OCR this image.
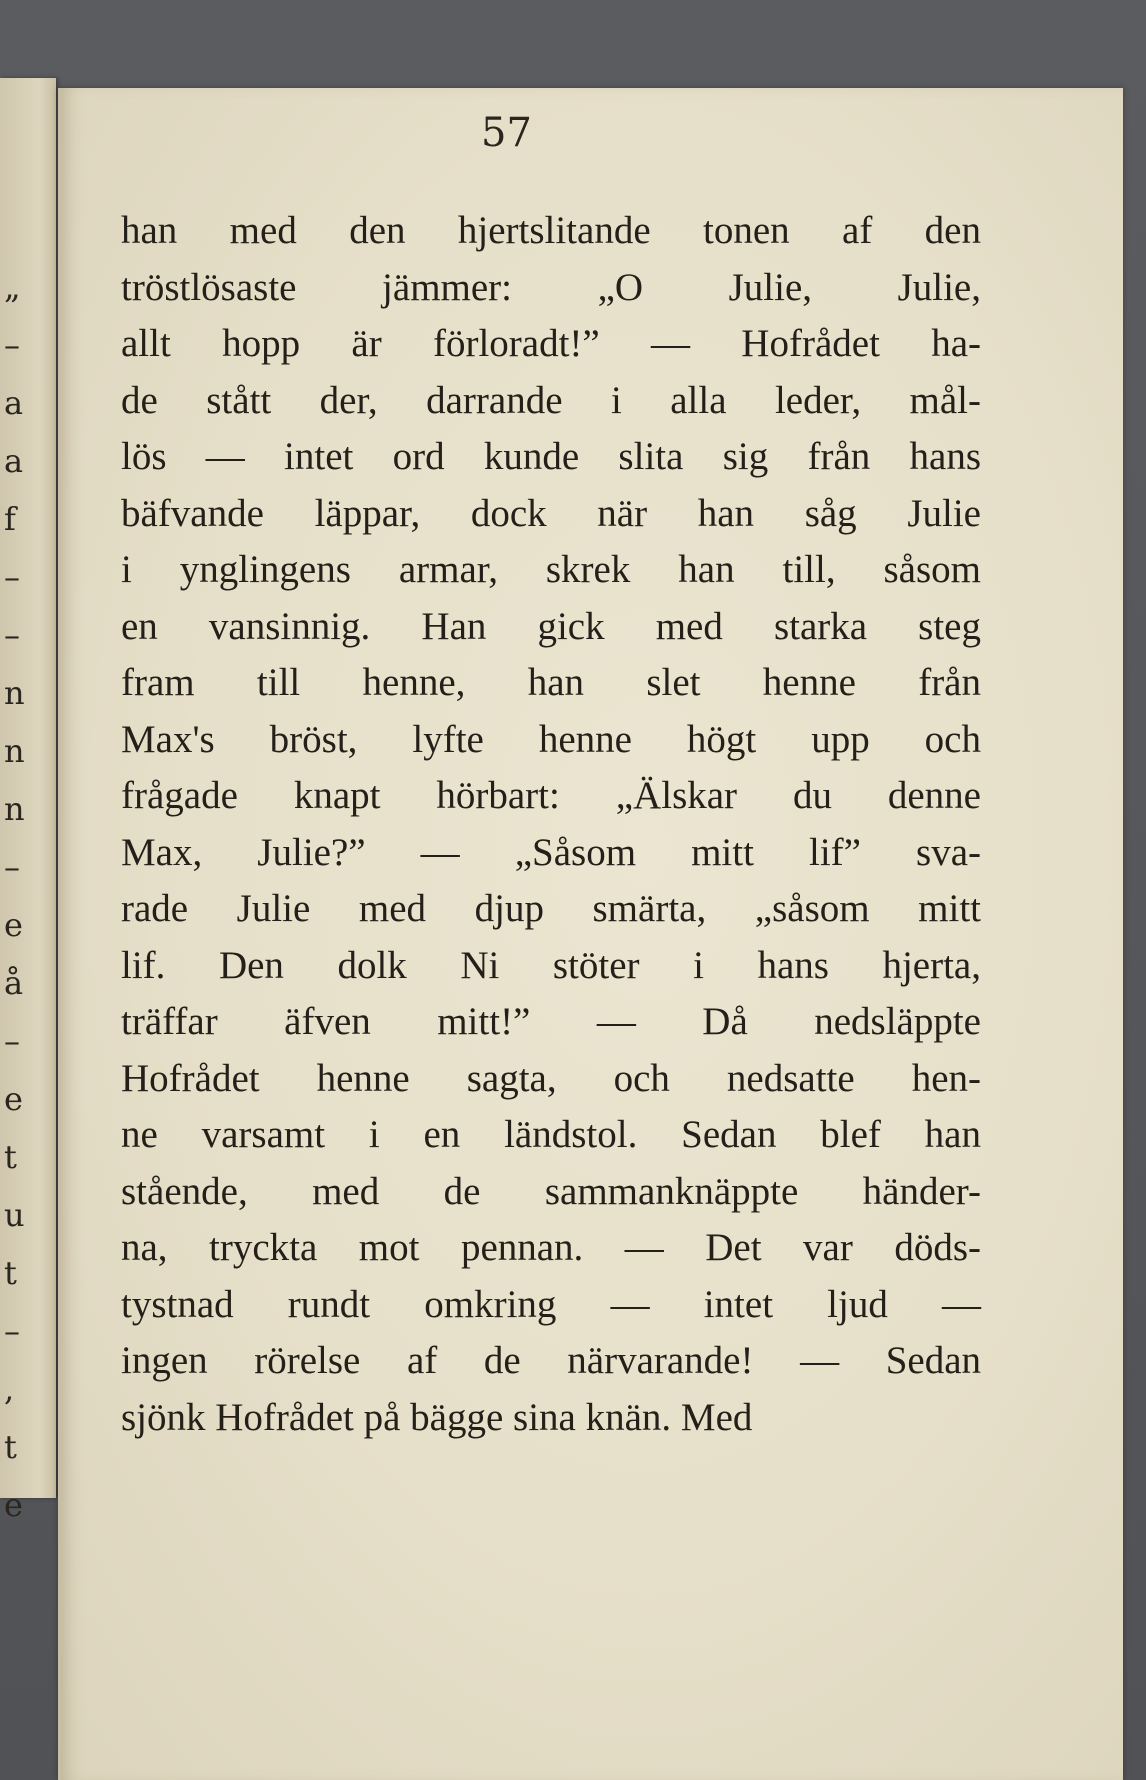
„
–
a
a
f
–
–
n
n
n
–
e
å
–
e
t
u
t
–
,
t
e
57
han med den hjertslitande tonen af den
tröstlösaste jämmer: „O Julie, Julie,
allt hopp är förloradt!” — Hofrådet ha-
de stått der, darrande i alla leder, mål-
lös — intet ord kunde slita sig från hans
bäfvande läppar, dock när han såg Julie
i ynglingens armar, skrek han till, såsom
en vansinnig. Han gick med starka steg
fram till henne, han slet henne från
Max's bröst, lyfte henne högt upp och
frågade knapt hörbart: „Älskar du denne
Max, Julie?” — „Såsom mitt lif” sva-
rade Julie med djup smärta, „såsom mitt
lif. Den dolk Ni stöter i hans hjerta,
träffar äfven mitt!” — Då nedsläppte
Hofrådet henne sagta, och nedsatte hen-
ne varsamt i en ländstol. Sedan blef han
stående, med de sammanknäppte händer-
na, tryckta mot pennan. — Det var döds-
tystnad rundt omkring — intet ljud —
ingen rörelse af de närvarande! — Sedan
sjönk Hofrådet på bägge sina knän. Med
